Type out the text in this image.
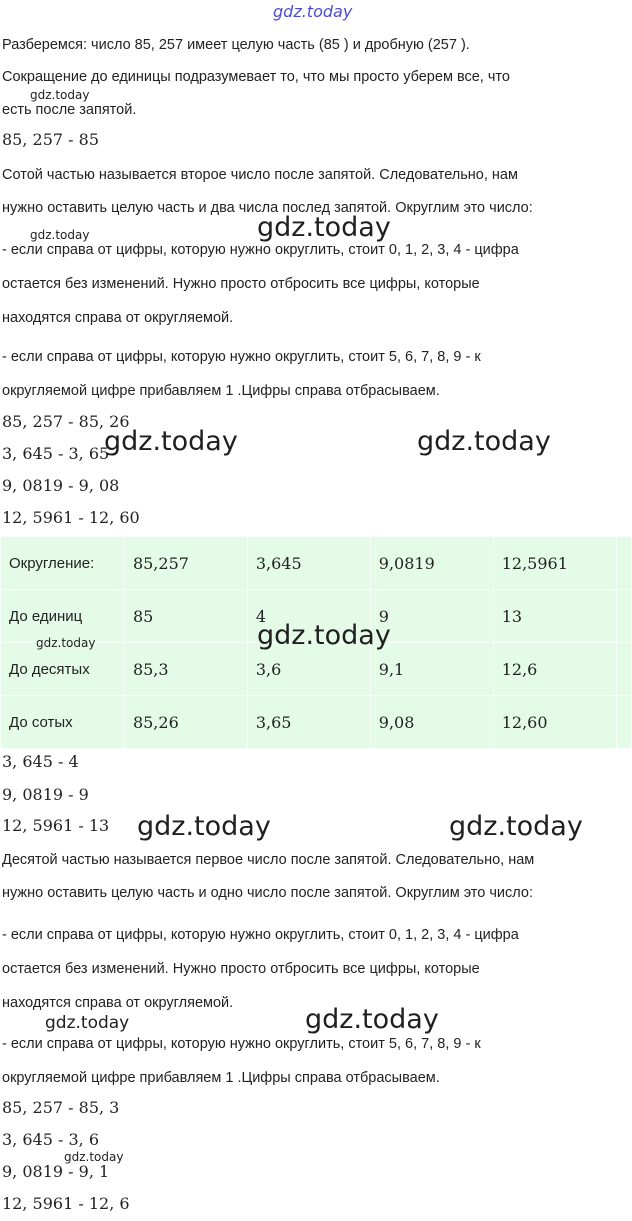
gdz.today
gdz.today
gdz.today
gdz.today
gdz.today	gdz.today
gdz.today
gdz.today
gdz.today	gdz.today
gdz.today
gdz.today
gdz.today
Разберемся: число 85, 257 имеет целую часть (85 ) и дробную (257 ).
Сокращение до единицы подразумевает то, что мы просто уберем все, что
есть после запятой.
85, 257 - 85
Сотой частью называется второе число после запятой. Следовательно, нам
нужно оставить целую часть и два числа послед запятой. Округлим это число:
- если справа от цифры, которую нужно округлить, стоит 0, 1, 2, 3, 4 - цифра
остается без изменений. Нужно просто отбросить все цифры, которые
находятся справа от округляемой.
- если справа от цифры, которую нужно округлить, стоит 5, 6, 7, 8, 9 - к
округляемой цифре прибавляем 1 .Цифры справа отбрасываем.
85, 257 - 85, 26
3, 645 - 3, 65
9, 0819 - 9, 08
12, 5961 - 12, 60
Округление:	85,257	3,645	9,0819	12,5961	
До единиц	85	4	9	13	
До десятых	85,3	3,6	9,1	12,6	
До сотых	85,26	3,65	9,08	12,60	
3, 645 - 4
9, 0819 - 9
12, 5961 - 13
Десятой частью называется первое число после запятой. Следовательно, нам
нужно оставить целую часть и одно число после запятой. Округлим это число:
- если справа от цифры, которую нужно округлить, стоит 0, 1, 2, 3, 4 - цифра
остается без изменений. Нужно просто отбросить все цифры, которые
находятся справа от округляемой.
- если справа от цифры, которую нужно округлить, стоит 5, 6, 7, 8, 9 - к
округляемой цифре прибавляем 1 .Цифры справа отбрасываем.
85, 257 - 85, 3
3, 645 - 3, 6
9, 0819 - 9, 1
12, 5961 - 12, 6
